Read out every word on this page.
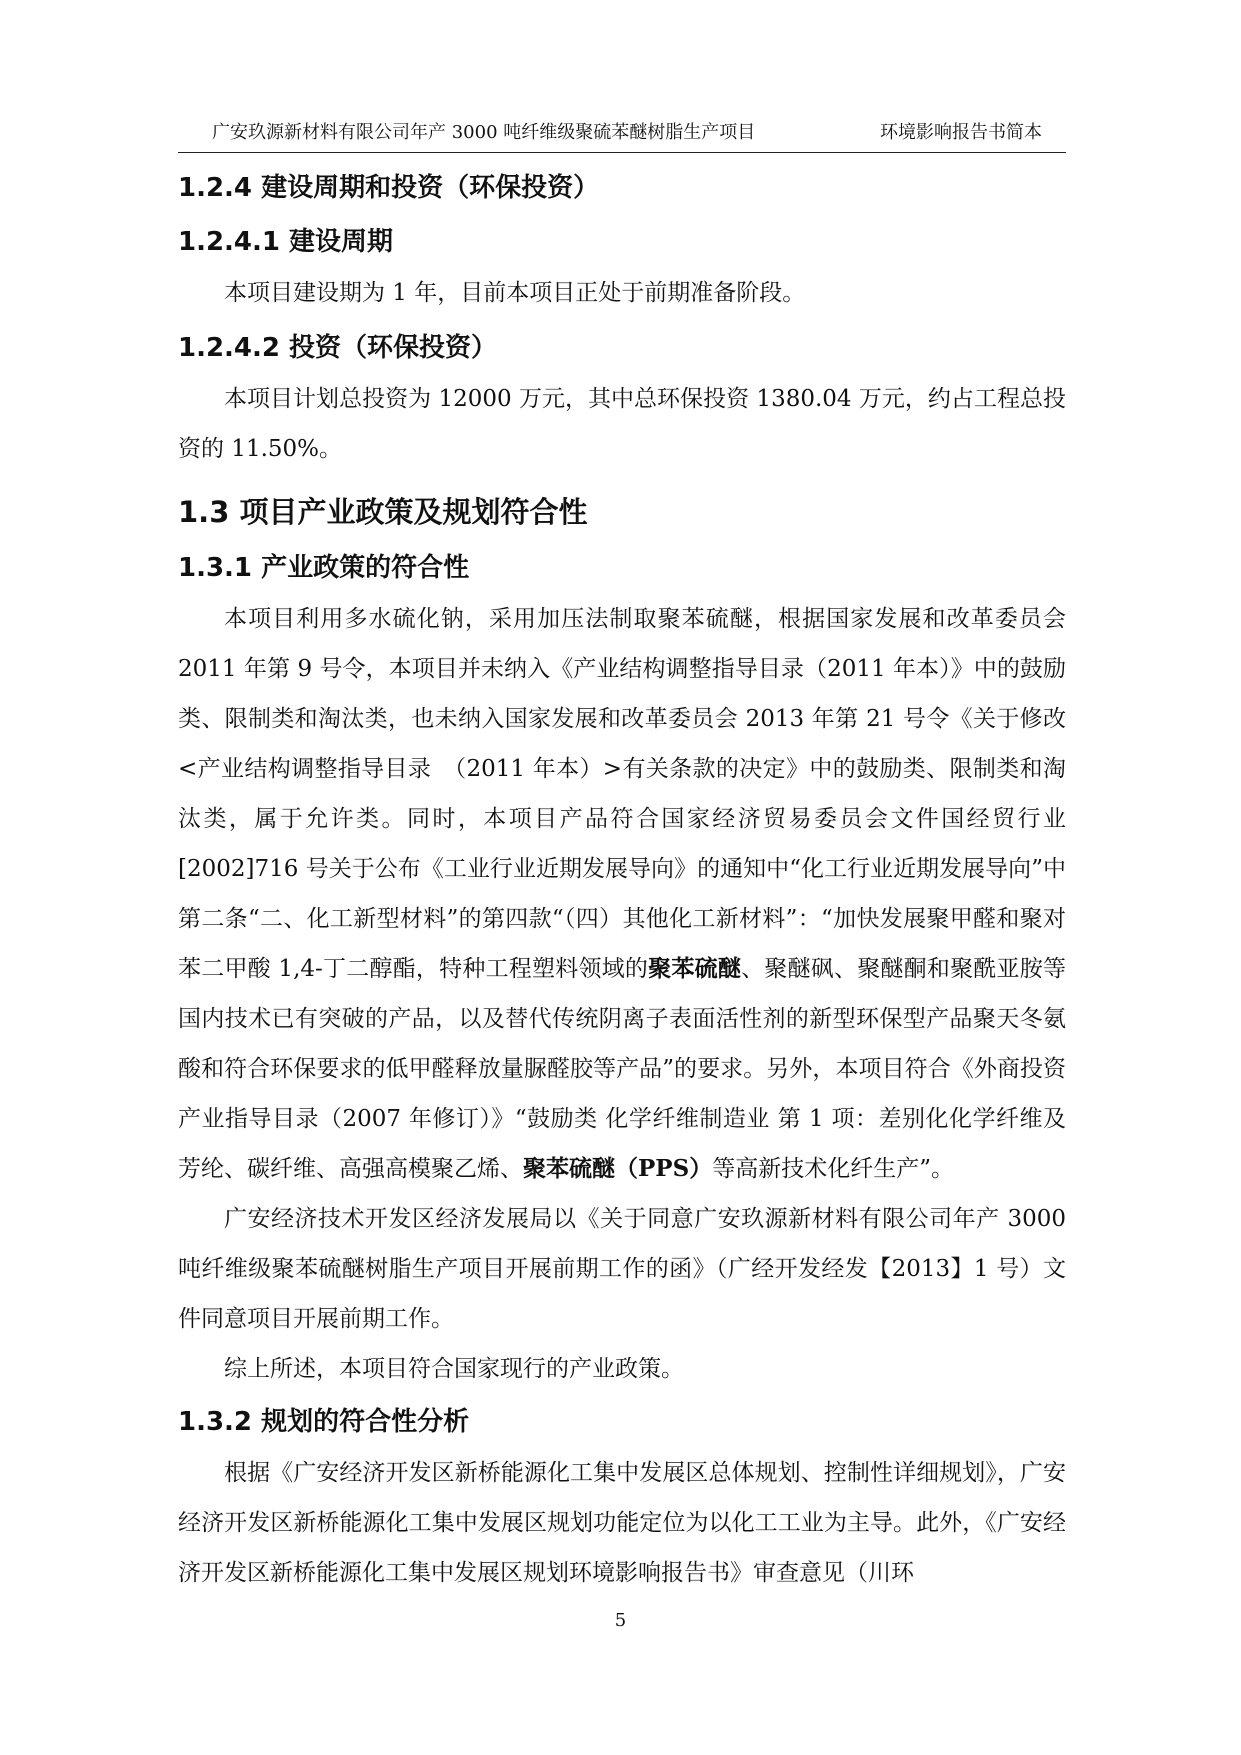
广安玖源新材料有限公司年产 3000 吨纤维级聚硫苯醚树脂生产项目	环境影响报告书简本
1.2.4 建设周期和投资（环保投资）
1.2.4.1 建设周期

本项目建设期为 1 年，目前本项目正处于前期准备阶段。

1.2.4.2 投资（环保投资）

本项目计划总投资为 12000 万元，其中总环保投资 1380.04 万元，约占工程总投资的 11.50%。

1.3 项目产业政策及规划符合性
1.3.1 产业政策的符合性

本项目利用多水硫化钠，采用加压法制取聚苯硫醚，根据国家发展和改革委员会 2011 年第 9 号令，本项目并未纳入《产业结构调整指导目录（2011 年本）》中的鼓励类、限制类和淘汰类，也未纳入国家发展和改革委员会 2013 年第 21 号令《关于修改<产业结构调整指导目录　（2011 年本）>有关条款的决定》中的鼓励类、限制类和淘汰类，属于允许类。同时，本项目产品符合国家经济贸易委员会文件国经贸行业[2002]716 号关于公布《工业行业近期发展导向》的通知中“化工行业近期发展导向”中第二条“二、化工新型材料”的第四款“（四）其他化工新材料”：“加快发展聚甲醛和聚对苯二甲酸 1,4-丁二醇酯，特种工程塑料领域的聚苯硫醚、聚醚砜、聚醚酮和聚酰亚胺等国内技术已有突破的产品，以及替代传统阴离子表面活性剂的新型环保型产品聚天冬氨酸和符合环保要求的低甲醛释放量脲醛胶等产品”的要求。另外，本项目符合《外商投资产业指导目录（2007 年修订）》“鼓励类 化学纤维制造业 第 1 项：差别化化学纤维及芳纶、碳纤维、高强高模聚乙烯、聚苯硫醚（PPS）等高新技术化纤生产”。

广安经济技术开发区经济发展局以《关于同意广安玖源新材料有限公司年产 3000 吨纤维级聚苯硫醚树脂生产项目开展前期工作的函》（广经开发经发【2013】1 号）文件同意项目开展前期工作。

综上所述，本项目符合国家现行的产业政策。

1.3.2 规划的符合性分析

根据《广安经济开发区新桥能源化工集中发展区总体规划、控制性详细规划》，广安经济开发区新桥能源化工集中发展区规划功能定位为以化工工业为主导。此外，《广安经济开发区新桥能源化工集中发展区规划环境影响报告书》审查意见（川环

5
